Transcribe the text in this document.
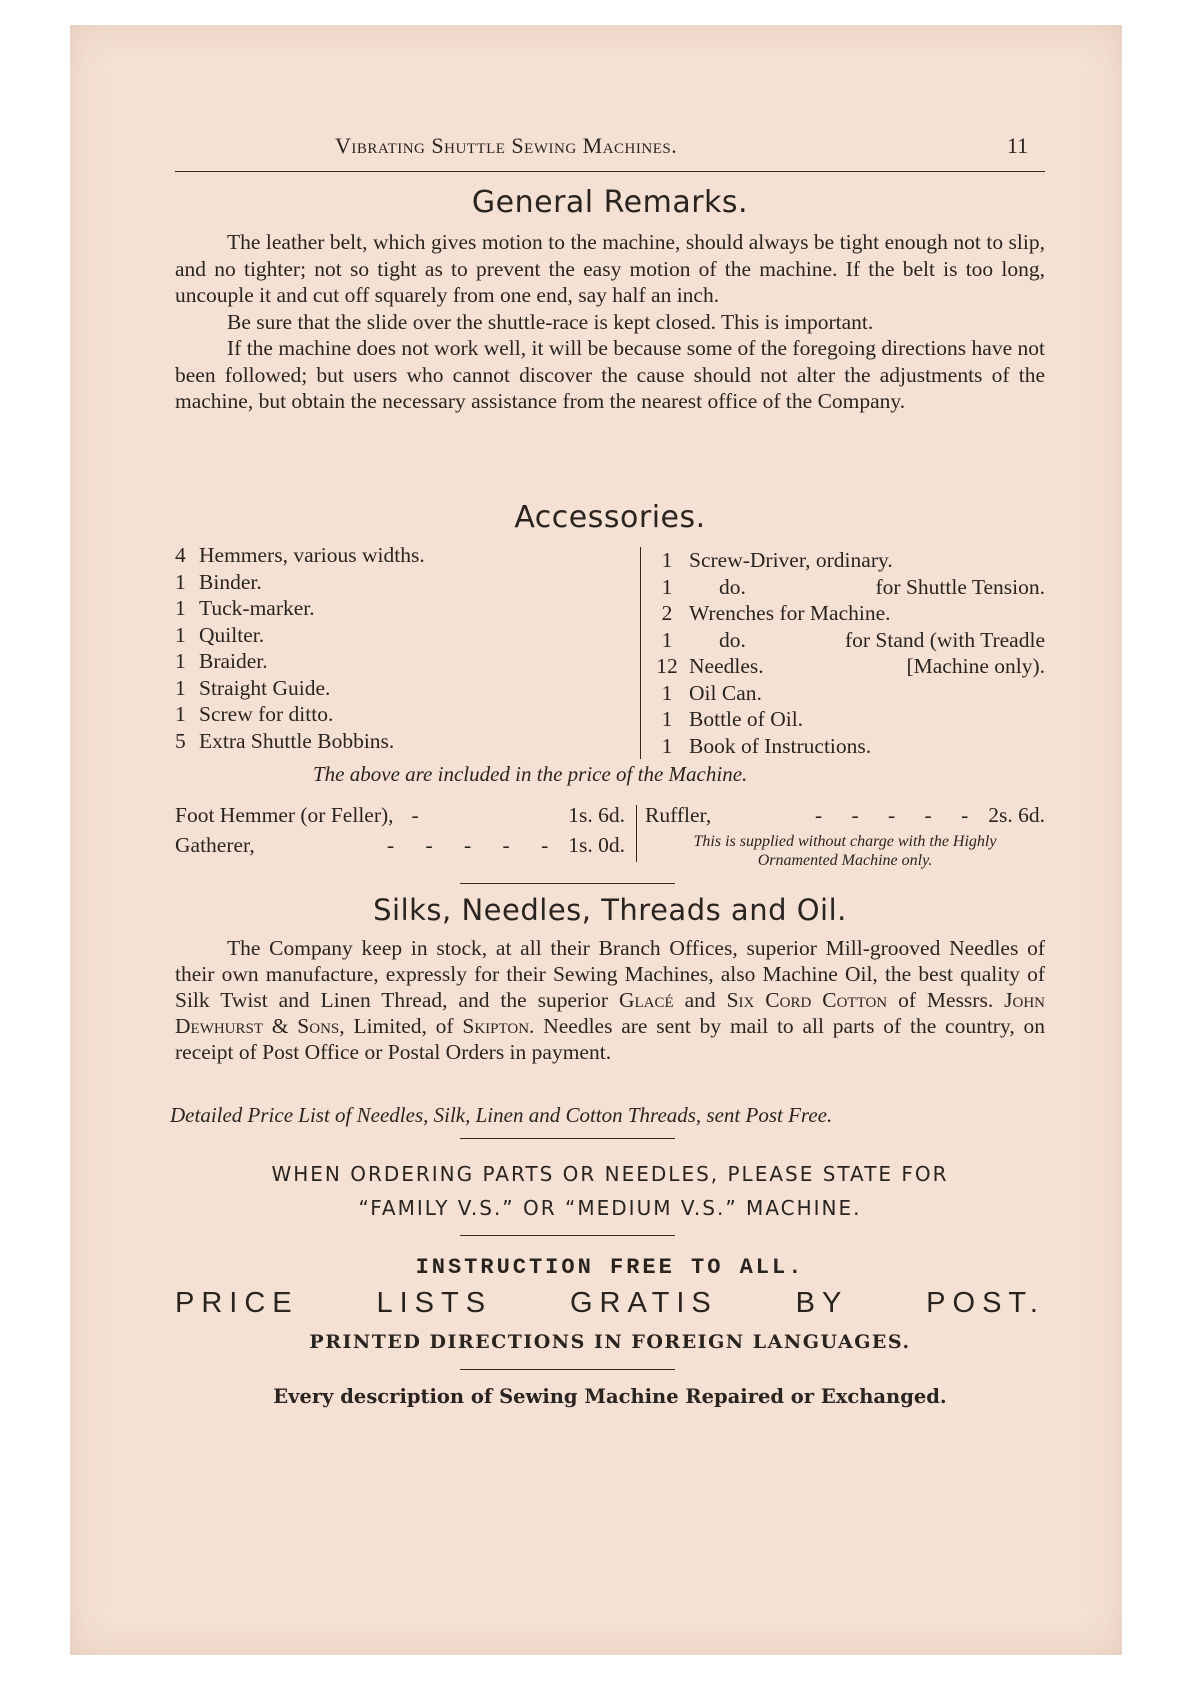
Vibrating Shuttle Sewing Machines.	11
General Remarks.

The leather belt, which gives motion to the machine, should always be tight enough not to slip, and no tighter; not so tight as to prevent the easy motion of the machine. If the belt is too long, uncouple it and cut off squarely from one end, say half an inch.

Be sure that the slide over the shuttle-race is kept closed. This is important.

If the machine does not work well, it will be because some of the foregoing directions have not been followed; but users who cannot discover the cause should not alter the adjustments of the machine, but obtain the necessary assistance from the nearest office of the Company.

Accessories.
4 Hemmers, various widths.
1 Binder.
1 Tuck-marker.
1 Quilter.
1 Braider.
1 Straight Guide.
1 Screw for ditto.
5 Extra Shuttle Bobbins.
1 Screw-Driver, ordinary.
1	do.	for Shuttle Tension.
2 Wrenches for Machine.
1	do.	for Stand (with Treadle
12 Needles.	[Machine only).
1 Oil Can.
1 Bottle of Oil.
1 Book of Instructions.
The above are included in the price of the Machine.
Foot Hemmer (or Feller), -	1s. 6d.
Gatherer,	- - - - - 1s. 0d.
Ruffler,	- - - - - 2s. 6d.
This is supplied without charge with the Highly Ornamented Machine only.
Silks, Needles, Threads and Oil.

The Company keep in stock, at all their Branch Offices, superior Mill-grooved Needles of their own manufacture, expressly for their Sewing Machines, also Machine Oil, the best quality of Silk Twist and Linen Thread, and the superior Glacé and Six Cord Cotton of Messrs. John Dewhurst & Sons, Limited, of Skipton. Needles are sent by mail to all parts of the country, on receipt of Post Office or Postal Orders in payment.

Detailed Price List of Needles, Silk, Linen and Cotton Threads, sent Post Free.
WHEN ORDERING PARTS OR NEEDLES, PLEASE STATE FOR
“FAMILY V.S.” OR “MEDIUM V.S.” MACHINE.
INSTRUCTION FREE TO ALL.
PRICE	LISTS	GRATIS	BY	POST.
PRINTED DIRECTIONS IN FOREIGN LANGUAGES.
Every description of Sewing Machine Repaired or Exchanged.
